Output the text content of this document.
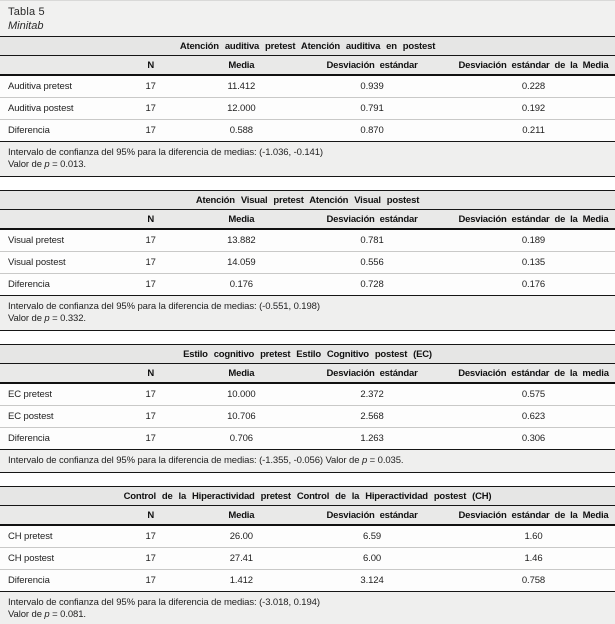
Tabla 5
Minitab
Atención auditiva pretest Atención auditiva en postest
	N	Media	Desviación estándar	Desviación estándar de la Media
Auditiva pretest	17	11.412	0.939	0.228
Auditiva postest	17	12.000	0.791	0.192
Diferencia	17	0.588	0.870	0.211
Intervalo de confianza del 95% para la diferencia de medias: (-1.036, -0.141)
Valor de p = 0.013.
Atención Visual pretest Atención Visual postest
	N	Media	Desviación estándar	Desviación estándar de la Media
Visual pretest	17	13.882	0.781	0.189
Visual postest	17	14.059	0.556	0.135
Diferencia	17	0.176	0.728	0.176
Intervalo de confianza del 95% para la diferencia de medias: (-0.551, 0.198)
Valor de p = 0.332.
Estilo cognitivo pretest Estilo Cognitivo postest (EC)
	N	Media	Desviación estándar	Desviación estándar de la media
EC pretest	17	10.000	2.372	0.575
EC postest	17	10.706	2.568	0.623
Diferencia	17	0.706	1.263	0.306
Intervalo de confianza del 95% para la diferencia de medias: (-1.355, -0.056) Valor de p = 0.035.
Control de la Hiperactividad pretest Control de la Hiperactividad postest (CH)
	N	Media	Desviación estándar	Desviación estándar de la Media
CH pretest	17	26.00	6.59	1.60
CH postest	17	27.41	6.00	1.46
Diferencia	17	1.412	3.124	0.758
Intervalo de confianza del 95% para la diferencia de medias: (-3.018, 0.194)
Valor de p = 0.081.
